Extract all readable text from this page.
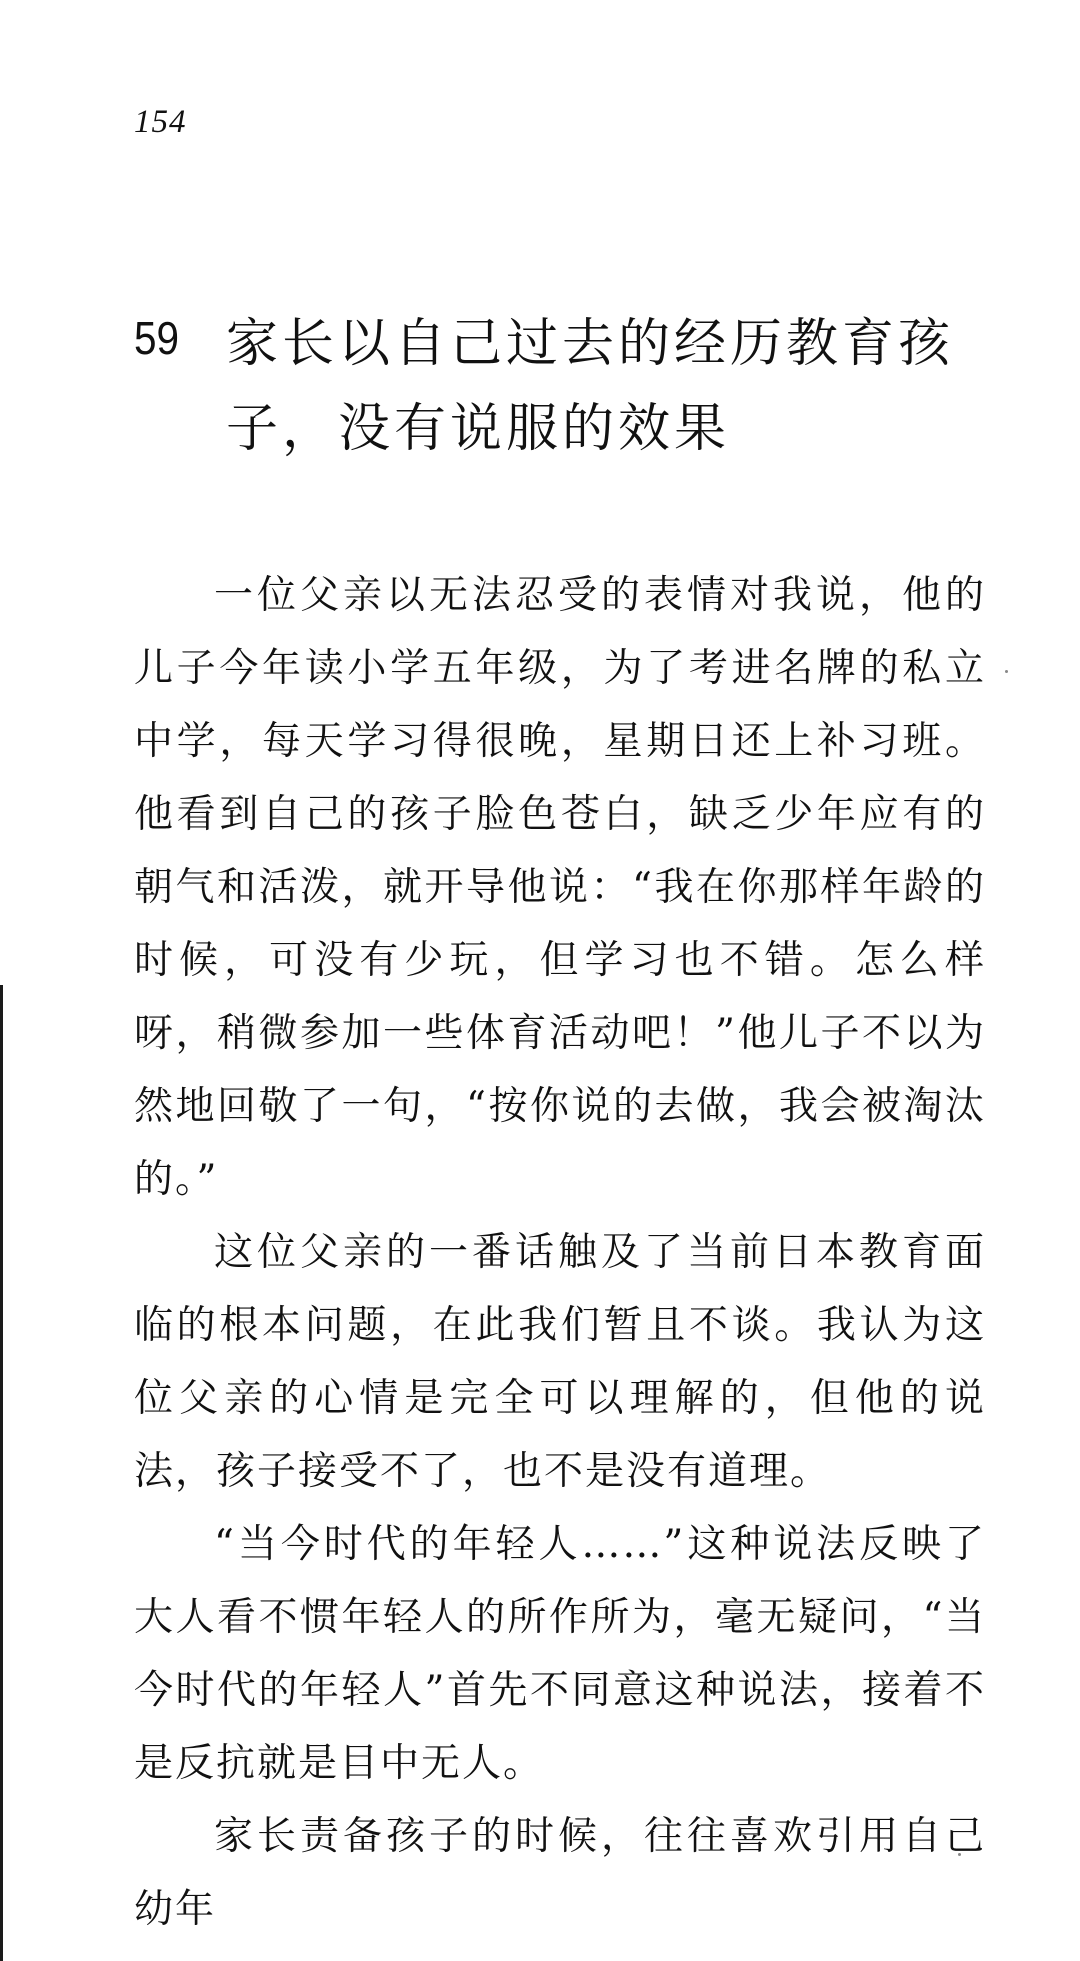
154
59 家长以自己过去的经历教育孩子，没有说服的效果

一位父亲以无法忍受的表情对我说，他的儿子今年读小学五年级，为了考进名牌的私立中学，每天学习得很晚，星期日还上补习班。他看到自己的孩子脸色苍白，缺乏少年应有的朝气和活泼，就开导他说：“我在你那样年龄的时候，可没有少玩，但学习也不错。怎么样呀，稍微参加一些体育活动吧！”他儿子不以为然地回敬了一句，“按你说的去做，我会被淘汰的。”

这位父亲的一番话触及了当前日本教育面临的根本问题，在此我们暂且不谈。我认为这位父亲的心情是完全可以理解的，但他的说法，孩子接受不了，也不是没有道理。

“当今时代的年轻人……”这种说法反映了大人看不惯年轻人的所作所为，毫无疑问，“当今时代的年轻人”首先不同意这种说法，接着不是反抗就是目中无人。

家长责备孩子的时候，往往喜欢引用自己幼年
